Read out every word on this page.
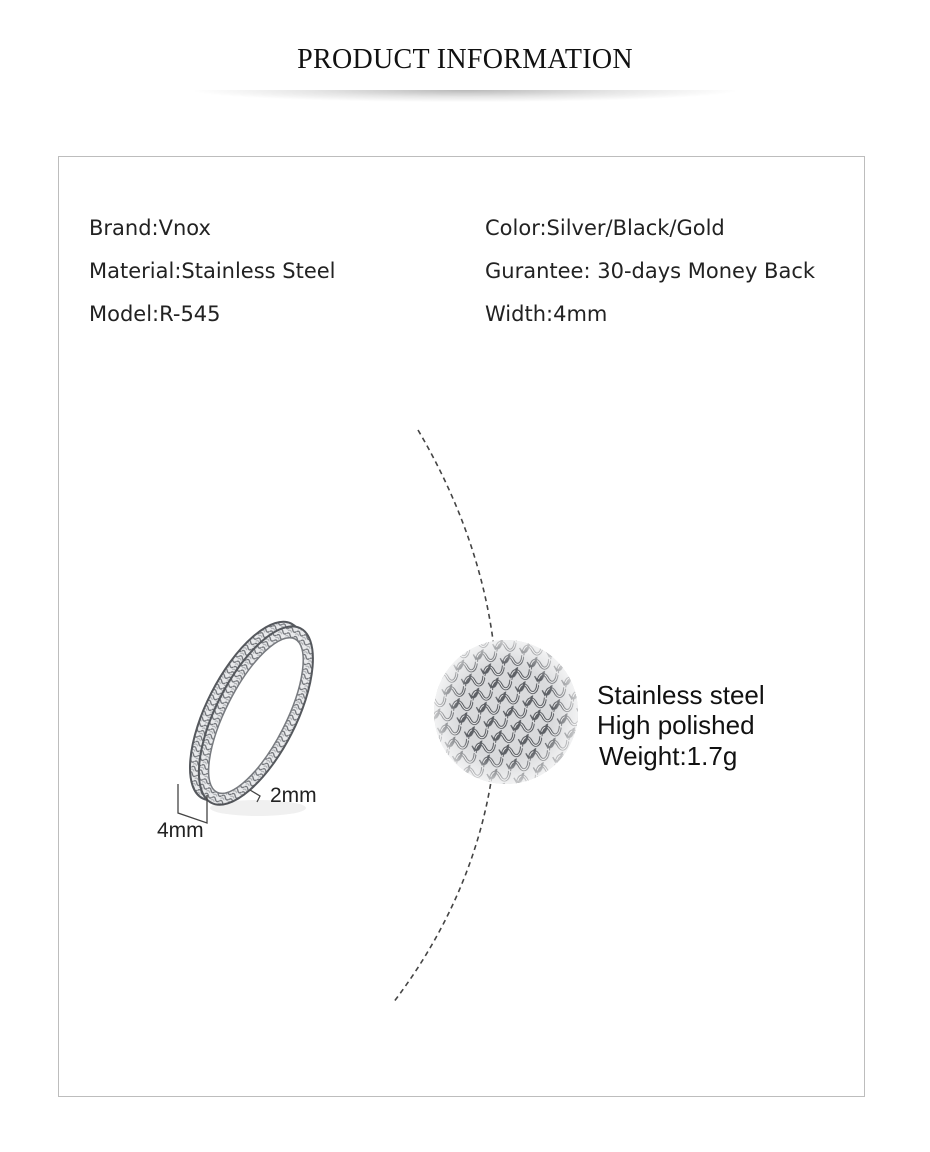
PRODUCT INFORMATION
Brand:Vnox
Material:Stainless Steel
Model:R-545
Color:Silver/Black/Gold
Gurantee: 30-days Money Back
Width:4mm
2mm
4mm
Stainless steel
High polished
Weight:1.7g
